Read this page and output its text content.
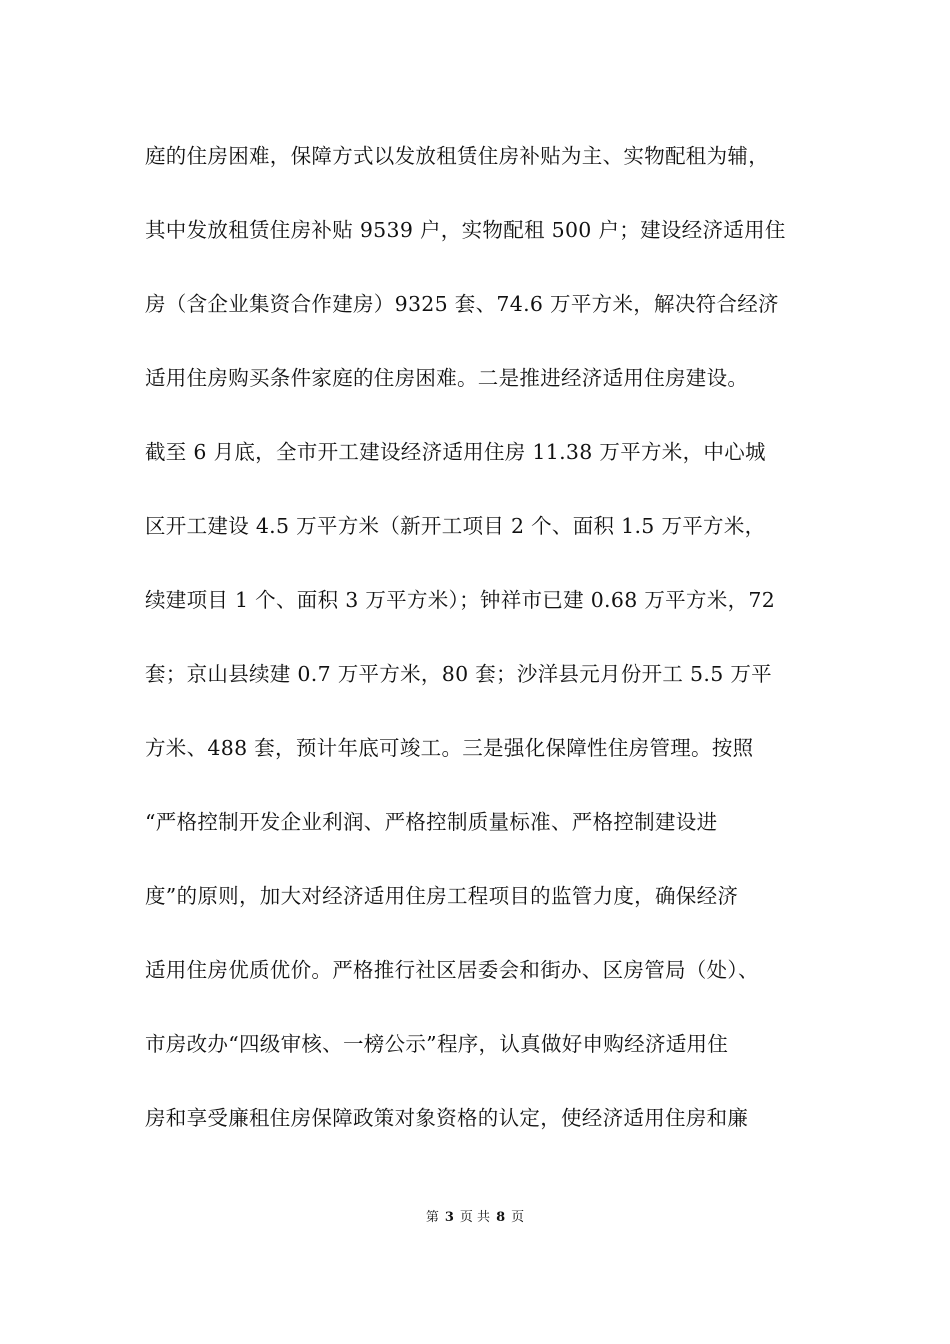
庭的住房困难，保障方式以发放租赁住房补贴为主、实物配租为辅，
其中发放租赁住房补贴 9539 户，实物配租 500 户；建设经济适用住
房（含企业集资合作建房）9325 套、74.6 万平方米，解决符合经济
适用住房购买条件家庭的住房困难。二是推进经济适用住房建设。
截至 6 月底，全市开工建设经济适用住房 11.38 万平方米，中心城
区开工建设 4.5 万平方米（新开工项目 2 个、面积 1.5 万平方米，
续建项目 1 个、面积 3 万平方米）；钟祥市已建 0.68 万平方米，72
套；京山县续建 0.7 万平方米，80 套；沙洋县元月份开工 5.5 万平
方米、488 套，预计年底可竣工。三是强化保障性住房管理。按照
“严格控制开发企业利润、严格控制质量标准、严格控制建设进
度”的原则，加大对经济适用住房工程项目的监管力度，确保经济
适用住房优质优价。严格推行社区居委会和街办、区房管局（处）、
市房改办“四级审核、一榜公示”程序，认真做好申购经济适用住
房和享受廉租住房保障政策对象资格的认定，使经济适用住房和廉
第 3 页 共 8 页
